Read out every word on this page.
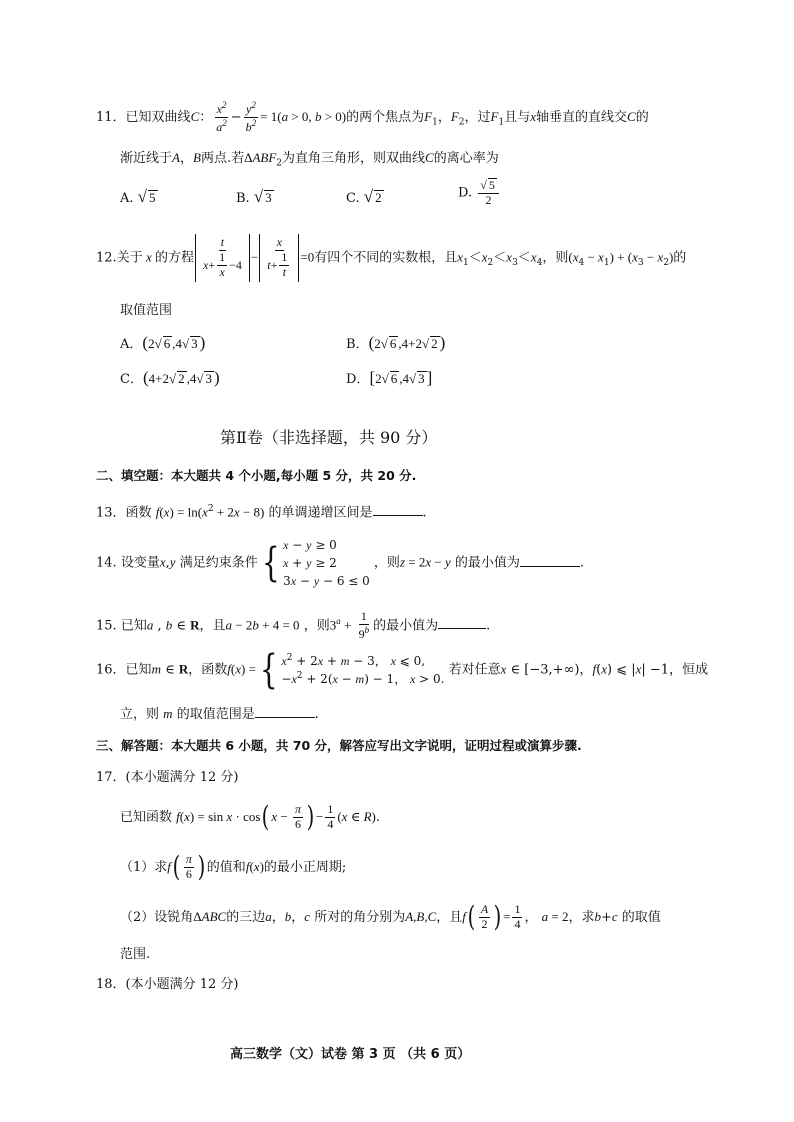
11．已知双曲线C： $\frac{x^2}{a^2} - \frac{y^2}{b^2} = 1(a > 0$, b > 0)的两个焦点为$F_1$，$F_2$，过$F_1$且与x轴垂直的直线交C的
渐近线于A，B两点.若$\Delta ABF_2$为直角三角形，则双曲线C的离心率为
A. √ 5	B. √ 3	C. √ 2	D. $\frac{√ 5}{2}$
12.关于 x 的方程 $\frac{t}{x+ \frac{1}{x} -4} - \frac{x}{t+ \frac{1}{t}} =0$有四个不同的实数根，且$x_1<x_2<x_3<x_4$，则$(x_4 - x_1) + (x_3 - x_2)$的
取值范围
A．(2√ 6 ,4√ 3 )	B．(2√ 6 ,4+2√ 2 )
C．(4+2√ 2 ,4√ 3 )	D．[2√ 6 ,4√ 3 ]
第Ⅱ卷（非选择题，共 90 分）
二、填空题：本大题共 4 个小题,每小题 5 分，共 20 分.
13．函数 $f(x) = \ln(x^2 + 2x - 8)$ 的单调递增区间是	.
14. 设变量x,y 满足约束条件 { x − y ≥ 0
x + y ≥ 2
3x − y − 6 ≤ 0
，则z = 2x − y 的最小值为	.
15. 已知a , b ∈ R，且a − 2b + 4 = 0 ，则$3^a + \frac{1}{9^b}$ 的最小值为	.
16．已知m ∈ R，函数f(x) = { $x^2 + 2x + m - 3$， x ⩽ 0,
$-x^2 + 2(x - m) - 1$， x > 0.
若对任意x ∈ [−3,+∞)，f(x) ⩽ |x| −1，恒成
立，则 m 的取值范围是	.
三、解答题：本大题共 6 小题，共 70 分，解答应写出文字说明，证明过程或演算步骤.
17．(本小题满分 12 分)
已知函数 f(x) = sin x · cos( $x - \frac{\pi}{6}$ ) − $\frac{1}{4} (x$ ∈ R).
（1）求$f( \frac{\pi}{6}$ ) 的值和f(x)的最小正周期;
（2）设锐角ΔABC的三边a，b，c 所对的角分别为A,B,C，且$f( \frac{A}{2}$ ) = $\frac{1}{4}$ ， a = 2，求b+c 的取值
范围.
18．(本小题满分 12 分)
高三数学（文）试卷 第 3 页 （共 6 页）
